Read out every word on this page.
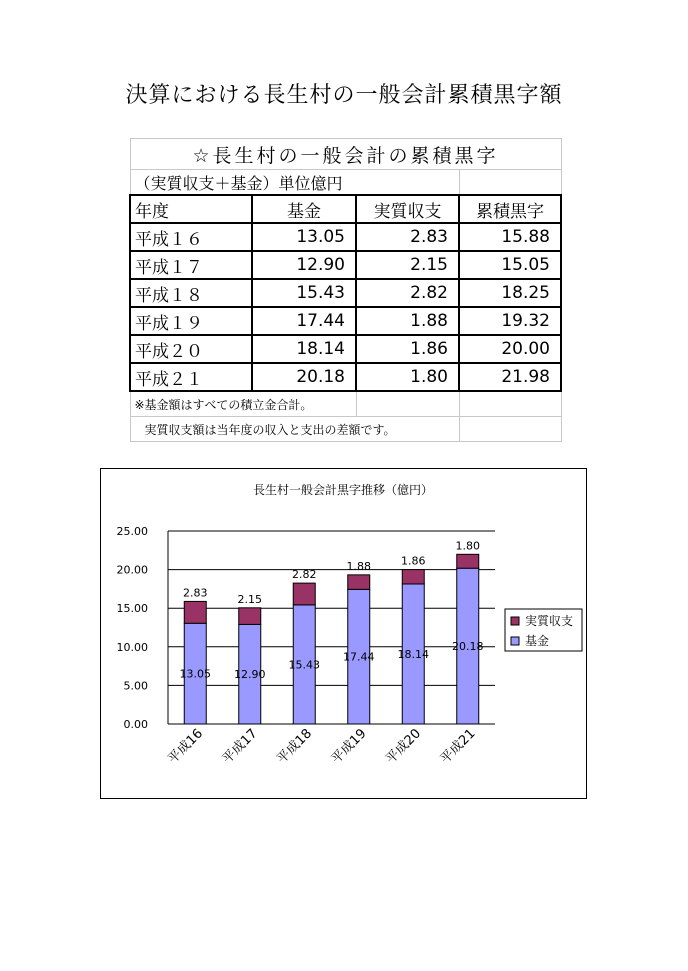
決算における長生村の一般会計累積黒字額
☆長生村の一般会計の累積黒字			
（実質収支＋基金）単位億円			
年度	基金	実質収支	累積黒字
平成１６	13.05	2.83	15.88
平成１７	12.90	2.15	15.05
平成１８	15.43	2.82	18.25
平成１９	17.44	1.88	19.32
平成２０	18.14	1.86	20.00
平成２１	20.18	1.80	21.98
※基金額はすべての積立金合計。			
実質収支額は当年度の収入と支出の差額です。			
長生村一般会計黒字推移（億円）
0.00
5.00
10.00
15.00
20.00
25.00
13.05
2.83
平成16
12.90
2.15
平成17
15.43
2.82
平成18
17.44
1.88
平成19
18.14
1.86
平成20
20.18
1.80
平成21
実質収支
基金
